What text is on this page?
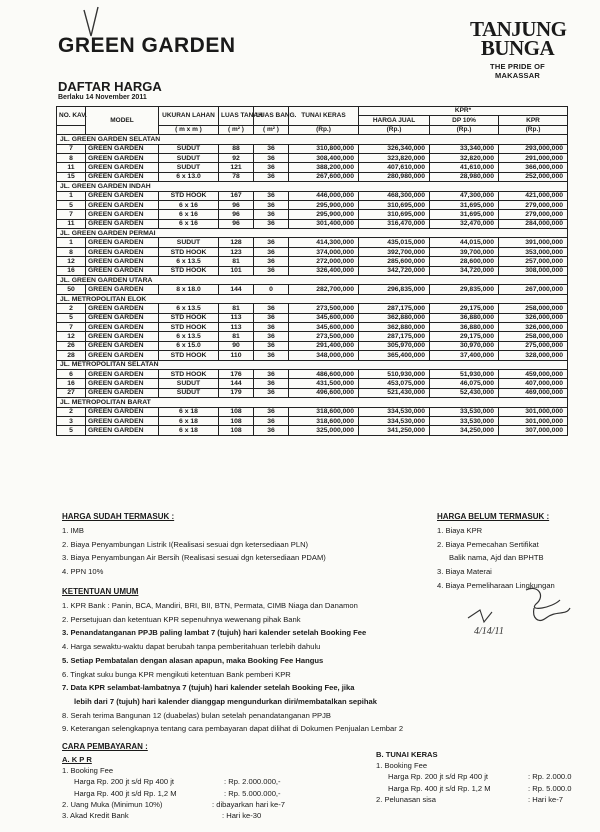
GREEN GARDEN
TANJUNG
BUNGA
THE PRIDE OF MAKASSAR
DAFTAR HARGA
Berlaku 14 November 2011
NO. KAV.	MODEL	UKURAN LAHAN	LUAS TANAH	LUAS BANG.	TUNAI KERAS	KPR*		
						HARGA JUAL	DP 10%	KPR
		( m x m )	( m² )	( m² )	(Rp.)	(Rp.)	(Rp.)	(Rp.)
JL. GREEN GARDEN SELATAN								
7	GREEN GARDEN	SUDUT	88	36	310,800,000	326,340,000	33,340,000	293,000,000
8	GREEN GARDEN	SUDUT	92	36	308,400,000	323,820,000	32,820,000	291,000,000
11	GREEN GARDEN	SUDUT	121	36	388,200,000	407,610,000	41,610,000	366,000,000
15	GREEN GARDEN	6 x 13.0	78	36	267,600,000	280,980,000	28,980,000	252,000,000
JL. GREEN GARDEN INDAH								
1	GREEN GARDEN	STD HOOK	167	36	446,000,000	468,300,000	47,300,000	421,000,000
5	GREEN GARDEN	6 x 16	96	36	295,900,000	310,695,000	31,695,000	279,000,000
7	GREEN GARDEN	6 x 16	96	36	295,900,000	310,695,000	31,695,000	279,000,000
11	GREEN GARDEN	6 x 16	96	36	301,400,000	316,470,000	32,470,000	284,000,000
JL. GREEN GARDEN PERMAI								
1	GREEN GARDEN	SUDUT	128	36	414,300,000	435,015,000	44,015,000	391,000,000
8	GREEN GARDEN	STD HOOK	123	36	374,000,000	392,700,000	39,700,000	353,000,000
12	GREEN GARDEN	6 x 13.5	81	36	272,000,000	285,600,000	28,600,000	257,000,000
16	GREEN GARDEN	STD HOOK	101	36	326,400,000	342,720,000	34,720,000	308,000,000
JL. GREEN GARDEN UTARA								
50	GREEN GARDEN	8 x 18.0	144	0	282,700,000	296,835,000	29,835,000	267,000,000
JL. METROPOLITAN ELOK								
2	GREEN GARDEN	6 x 13.5	81	36	273,500,000	287,175,000	29,175,000	258,000,000
5	GREEN GARDEN	STD HOOK	113	36	345,600,000	362,880,000	36,880,000	326,000,000
7	GREEN GARDEN	STD HOOK	113	36	345,600,000	362,880,000	36,880,000	326,000,000
12	GREEN GARDEN	6 x 13.5	81	36	273,500,000	287,175,000	29,175,000	258,000,000
26	GREEN GARDEN	6 x 15.0	90	36	291,400,000	305,970,000	30,970,000	275,000,000
28	GREEN GARDEN	STD HOOK	110	36	348,000,000	365,400,000	37,400,000	328,000,000
JL. METROPOLITAN SELATAN								
6	GREEN GARDEN	STD HOOK	176	36	486,600,000	510,930,000	51,930,000	459,000,000
16	GREEN GARDEN	SUDUT	144	36	431,500,000	453,075,000	46,075,000	407,000,000
27	GREEN GARDEN	SUDUT	179	36	496,600,000	521,430,000	52,430,000	469,000,000
JL. METROPOLITAN BARAT								
2	GREEN GARDEN	6 x 18	108	36	318,600,000	334,530,000	33,530,000	301,000,000
3	GREEN GARDEN	6 x 18	108	36	318,600,000	334,530,000	33,530,000	301,000,000
5	GREEN GARDEN	6 x 18	108	36	325,000,000	341,250,000	34,250,000	307,000,000
HARGA SUDAH TERMASUK :
1. IMB
2. Biaya Penyambungan Listrik I(Realisasi sesuai dgn ketersediaan PLN)
3. Biaya Penyambungan Air Bersih (Realisasi sesuai dgn ketersediaan PDAM)
4. PPN 10%
HARGA BELUM TERMASUK :
1. Biaya KPR
2. Biaya Pemecahan Sertifikat
Balik nama, Ajd dan BPHTB
3. Biaya Materai
4. Biaya Pemeliharaan Lingkungan
4/14/11
KETENTUAN UMUM
1. KPR Bank : Panin, BCA, Mandiri, BRI, BII, BTN, Permata, CIMB Niaga dan Danamon
2. Persetujuan dan ketentuan KPR sepenuhnya wewenang pihak Bank
3. Penandatanganan PPJB paling lambat 7 (tujuh) hari kalender setelah Booking Fee
4. Harga sewaktu-waktu dapat berubah tanpa pemberitahuan terlebih dahulu
5. Setiap Pembatalan dengan alasan apapun, maka Booking Fee Hangus
6. Tingkat suku bunga KPR mengikuti ketentuan Bank pemberi KPR
7. Data KPR selambat-lambatnya 7 (tujuh) hari kalender setelah Booking Fee, jika
lebih dari 7 (tujuh) hari kalender dianggap mengundurkan diri/membatalkan sepihak
8. Serah terima Bangunan 12 (duabelas) bulan setelah penandatanganan PPJB
9. Keterangan selengkapnya tentang cara pembayaran dapat dilihat di Dokumen Penjualan Lembar 2
CARA PEMBAYARAN :
A. K P R
1. Booking Fee
Harga Rp. 200 jt s/d Rp 400 jt	: Rp. 2.000.000,-
Harga Rp. 400 jt s/d Rp. 1,2 M	: Rp. 5.000.000,-
2. Uang Muka (Minimun 10%)	: dibayarkan hari ke-7
3. Akad Kredit Bank	: Hari ke-30
B. TUNAI KERAS
1. Booking Fee
Harga Rp. 200 jt s/d Rp 400 jt	: Rp. 2.000.0
Harga Rp. 400 jt s/d Rp. 1,2 M	: Rp. 5.000.0
2. Pelunasan sisa	: Hari ke-7
